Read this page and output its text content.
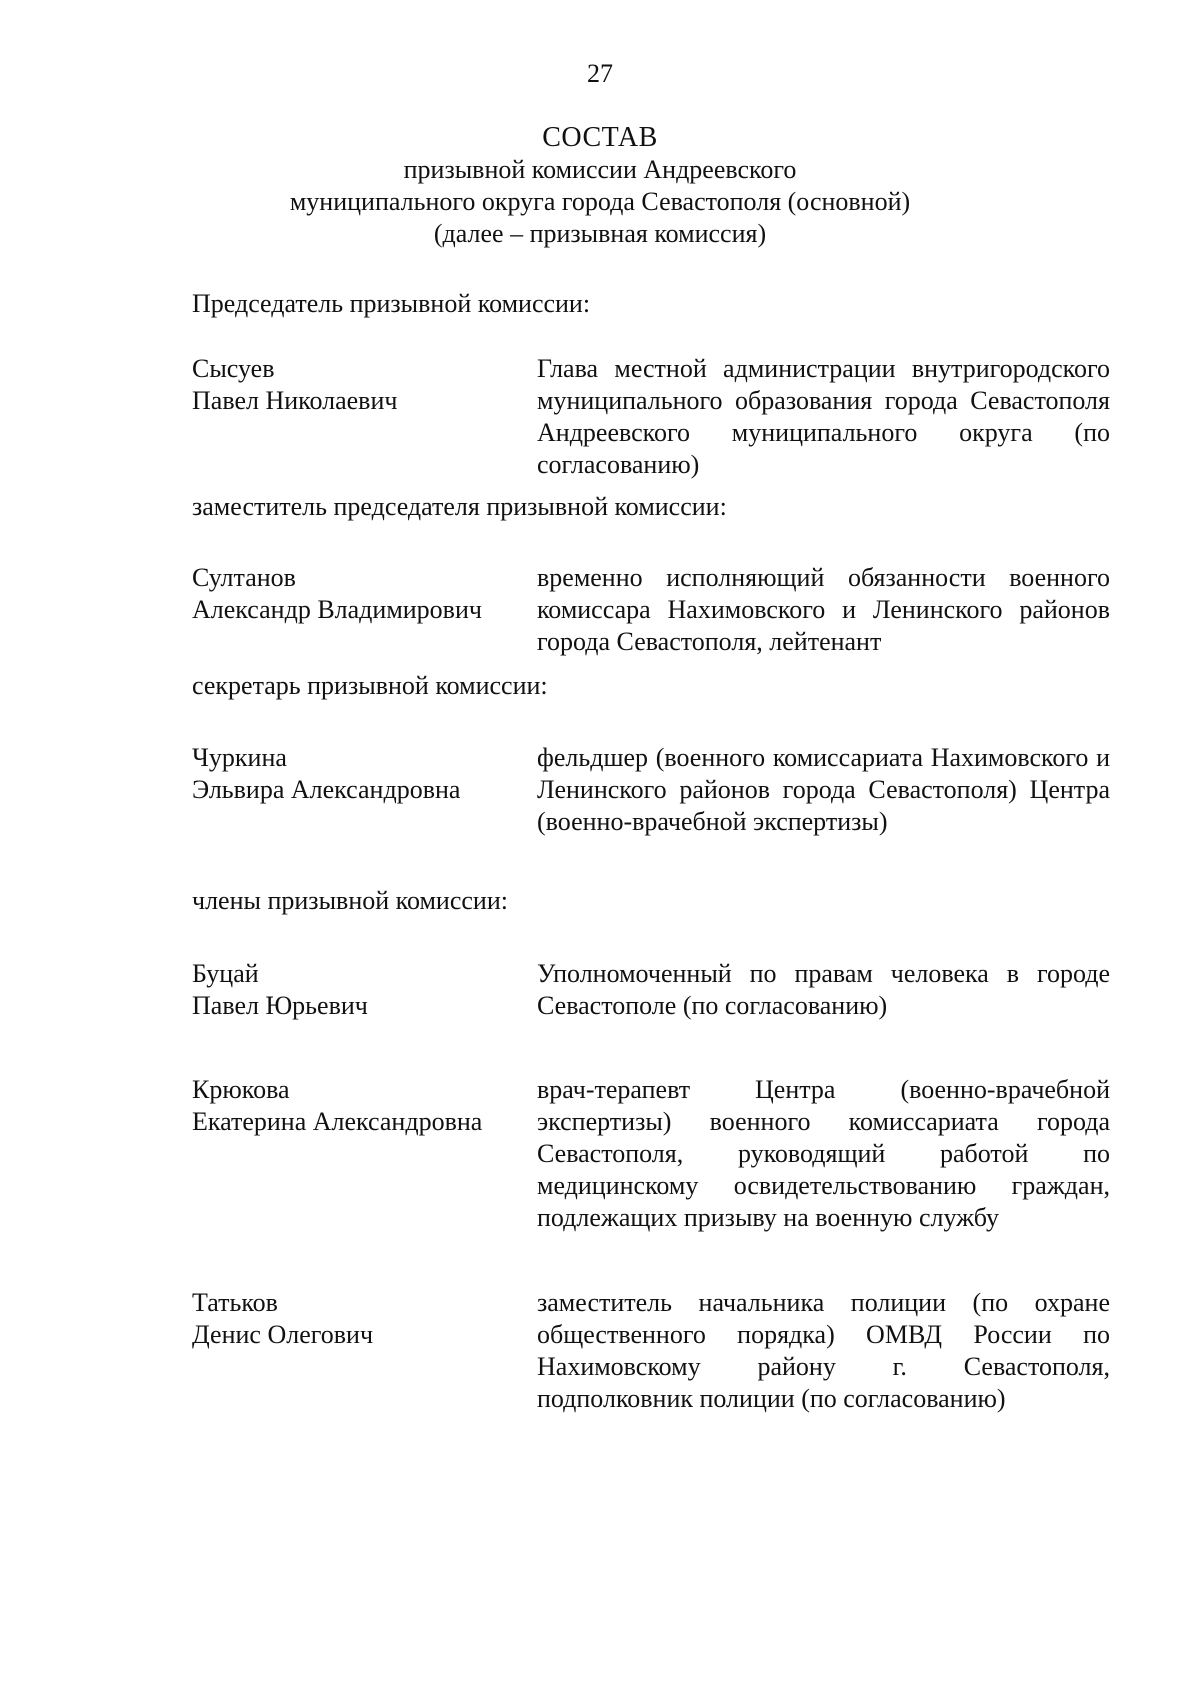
27
СОСТАВ
призывной комиссии Андреевского
муниципального округа города Севастополя (основной)
(далее – призывная комиссия)

Председатель призывной комиссии:

Сысуев
Павел Николаевич
Глава местной администрации внутригородского муниципального образования города Севастополя Андреевского муниципального округа (по согласованию)

заместитель председателя призывной комиссии:

Султанов
Александр Владимирович
временно исполняющий обязанности военного комиссара Нахимовского и Ленинского районов города Севастополя, лейтенант

секретарь призывной комиссии:

Чуркина
Эльвира Александровна
фельдшер (военного комиссариата Нахимовского и Ленинского районов города Севастополя) Центра (военно-врачебной экспертизы)

члены призывной комиссии:

Буцай
Павел Юрьевич
Уполномоченный по правам человека в городе Севастополе (по согласованию)
Крюкова
Екатерина Александровна
врач-терапевт Центра (военно-врачебной экспертизы) военного комиссариата города Севастополя, руководящий работой по медицинскому освидетельствованию граждан, подлежащих призыву на военную службу
Татьков
Денис Олегович
заместитель начальника полиции (по охране общественного порядка) ОМВД России по Нахимовскому району г. Севастополя, подполковник полиции (по согласованию)
